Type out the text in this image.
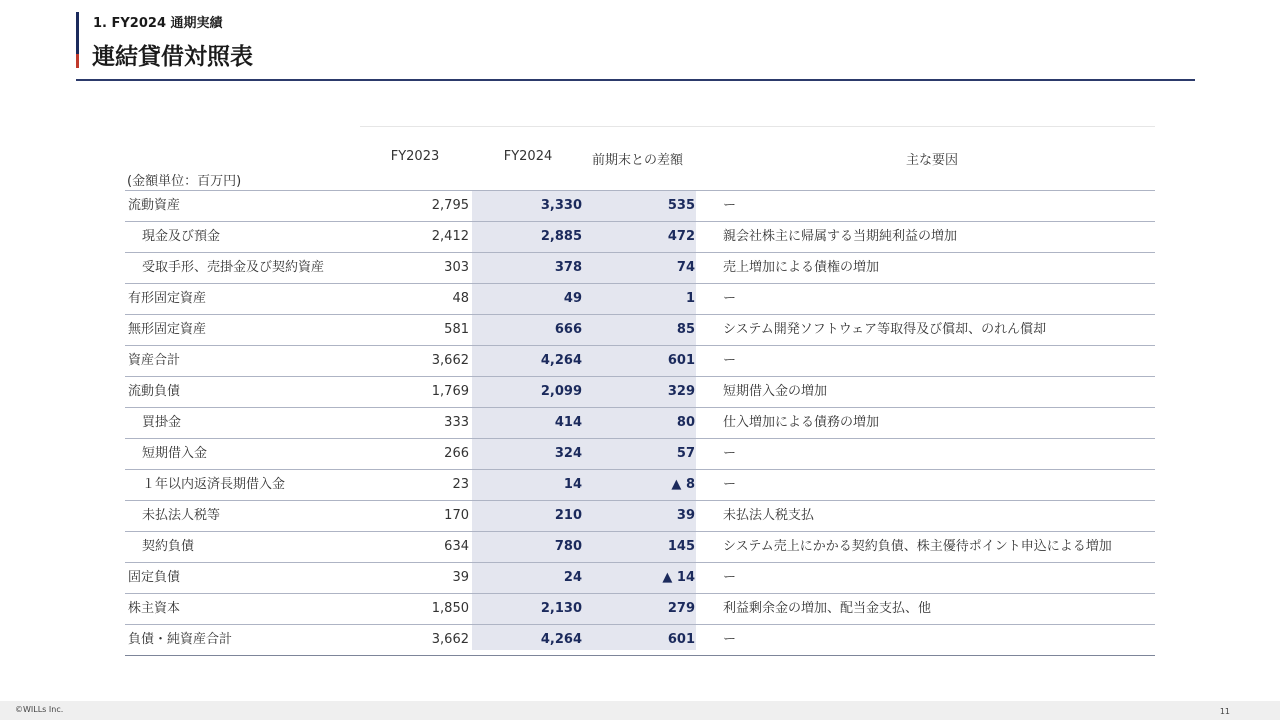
1. FY2024 通期実績
連結貸借対照表
(金額単位：百万円)
FY2023	FY2024	前期末との差額	主な要因
流動資産	2,795	3,330	535 ー
現金及び預金	2,412	2,885	472 親会社株主に帰属する当期純利益の増加
受取手形、売掛金及び契約資産	303	378	74 売上増加による債権の増加
有形固定資産	48	49	1 ー
無形固定資産	581	666	85 システム開発ソフトウェア等取得及び償却、のれん償却
資産合計	3,662	4,264	601 ー
流動負債	1,769	2,099	329 短期借入金の増加
買掛金	333	414	80 仕入増加による債務の増加
短期借入金	266	324	57 ー
１年以内返済長期借入金	23	14	▲ 8 ー
未払法人税等	170	210	39 未払法人税支払
契約負債	634	780	145 システム売上にかかる契約負債、株主優待ポイント申込による増加
固定負債	39	24	▲ 14 ー
株主資本	1,850	2,130	279 利益剰余金の増加、配当金支払、他
負債・純資産合計	3,662	4,264	601 ー
©WILLs Inc.	11
